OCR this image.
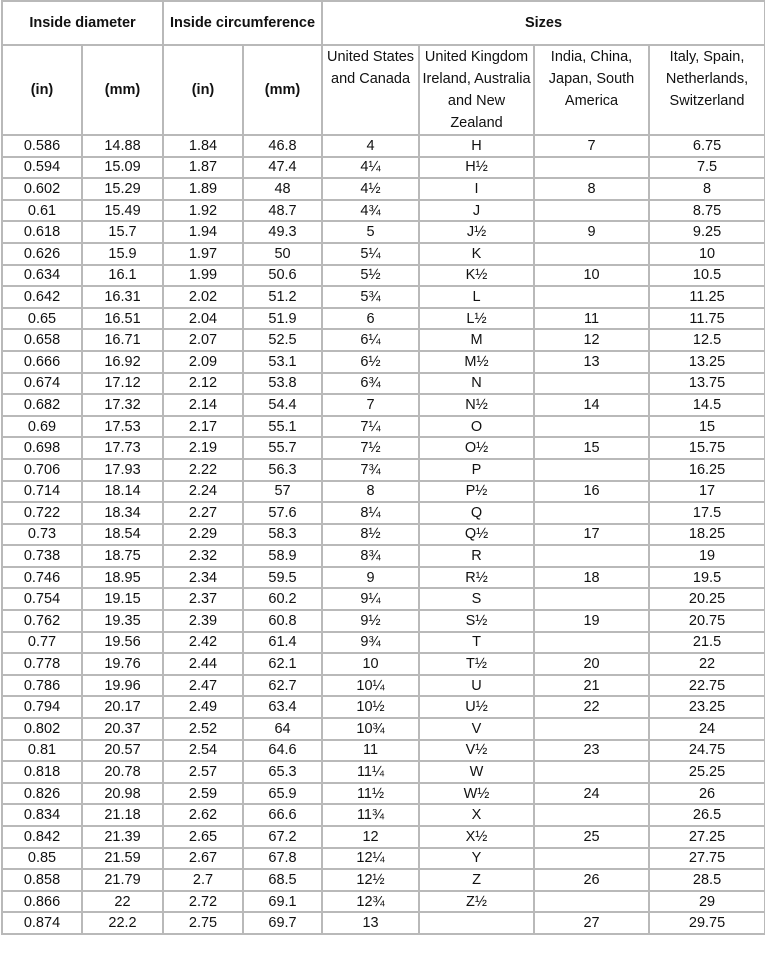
Inside diameter		Inside circumference		Sizes			
(in)	(mm)	(in)	(mm)	United States and Canada	United Kingdom Ireland, Australia and New Zealand	India, China, Japan, South America	Italy, Spain, Netherlands, Switzerland
0.586	14.88	1.84	46.8	4	H	7	6.75
0.594	15.09	1.87	47.4	4¼	H½		7.5
0.602	15.29	1.89	48	4½	I	8	8
0.61	15.49	1.92	48.7	4¾	J		8.75
0.618	15.7	1.94	49.3	5	J½	9	9.25
0.626	15.9	1.97	50	5¼	K		10
0.634	16.1	1.99	50.6	5½	K½	10	10.5
0.642	16.31	2.02	51.2	5¾	L		11.25
0.65	16.51	2.04	51.9	6	L½	11	11.75
0.658	16.71	2.07	52.5	6¼	M	12	12.5
0.666	16.92	2.09	53.1	6½	M½	13	13.25
0.674	17.12	2.12	53.8	6¾	N		13.75
0.682	17.32	2.14	54.4	7	N½	14	14.5
0.69	17.53	2.17	55.1	7¼	O		15
0.698	17.73	2.19	55.7	7½	O½	15	15.75
0.706	17.93	2.22	56.3	7¾	P		16.25
0.714	18.14	2.24	57	8	P½	16	17
0.722	18.34	2.27	57.6	8¼	Q		17.5
0.73	18.54	2.29	58.3	8½	Q½	17	18.25
0.738	18.75	2.32	58.9	8¾	R		19
0.746	18.95	2.34	59.5	9	R½	18	19.5
0.754	19.15	2.37	60.2	9¼	S		20.25
0.762	19.35	2.39	60.8	9½	S½	19	20.75
0.77	19.56	2.42	61.4	9¾	T		21.5
0.778	19.76	2.44	62.1	10	T½	20	22
0.786	19.96	2.47	62.7	10¼	U	21	22.75
0.794	20.17	2.49	63.4	10½	U½	22	23.25
0.802	20.37	2.52	64	10¾	V		24
0.81	20.57	2.54	64.6	11	V½	23	24.75
0.818	20.78	2.57	65.3	11¼	W		25.25
0.826	20.98	2.59	65.9	11½	W½	24	26
0.834	21.18	2.62	66.6	11¾	X		26.5
0.842	21.39	2.65	67.2	12	X½	25	27.25
0.85	21.59	2.67	67.8	12¼	Y		27.75
0.858	21.79	2.7	68.5	12½	Z	26	28.5
0.866	22	2.72	69.1	12¾	Z½		29
0.874	22.2	2.75	69.7	13		27	29.75
